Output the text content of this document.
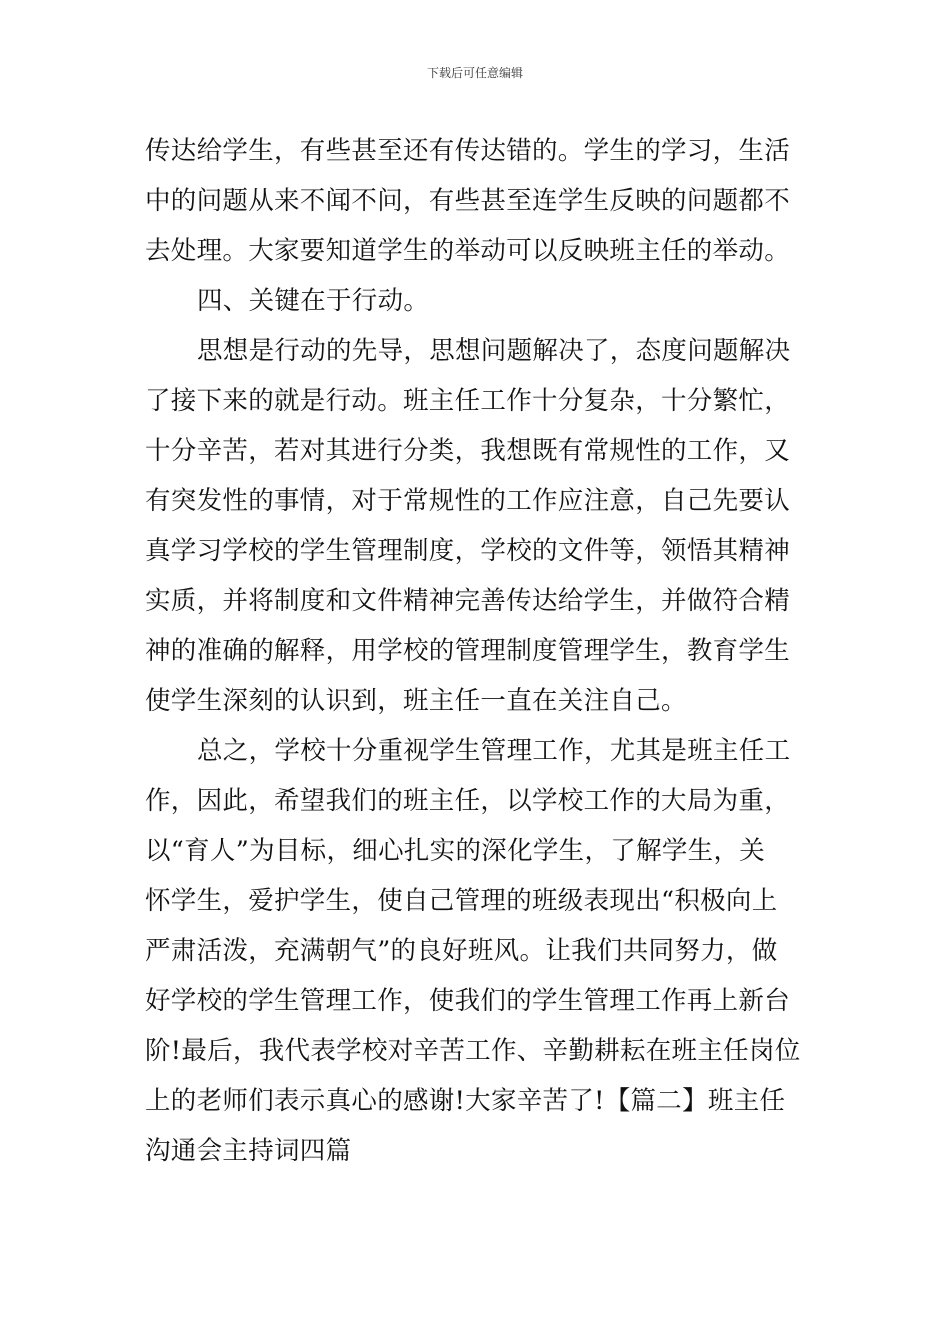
下载后可任意编辑
传达给学生，有些甚至还有传达错的。学生的学习，生活
中的问题从来不闻不问，有些甚至连学生反映的问题都不
去处理。大家要知道学生的举动可以反映班主任的举动。
四、关键在于行动。
思想是行动的先导，思想问题解决了，态度问题解决
了接下来的就是行动。班主任工作十分复杂，十分繁忙，
十分辛苦，若对其进行分类，我想既有常规性的工作，又
有突发性的事情，对于常规性的工作应注意，自己先要认
真学习学校的学生管理制度，学校的文件等，领悟其精神
实质，并将制度和文件精神完善传达给学生，并做符合精
神的准确的解释，用学校的管理制度管理学生，教育学生
使学生深刻的认识到，班主任一直在关注自己。
总之，学校十分重视学生管理工作，尤其是班主任工
作，因此，希望我们的班主任，以学校工作的大局为重，
以“育人”为目标，细心扎实的深化学生，了解学生，关
怀学生，爱护学生，使自己管理的班级表现出“积极向上
严肃活泼，充满朝气”的良好班风。让我们共同努力，做
好学校的学生管理工作，使我们的学生管理工作再上新台
阶!最后，我代表学校对辛苦工作、辛勤耕耘在班主任岗位
上的老师们表示真心的感谢!大家辛苦了!【篇二】班主任
沟通会主持词四篇
